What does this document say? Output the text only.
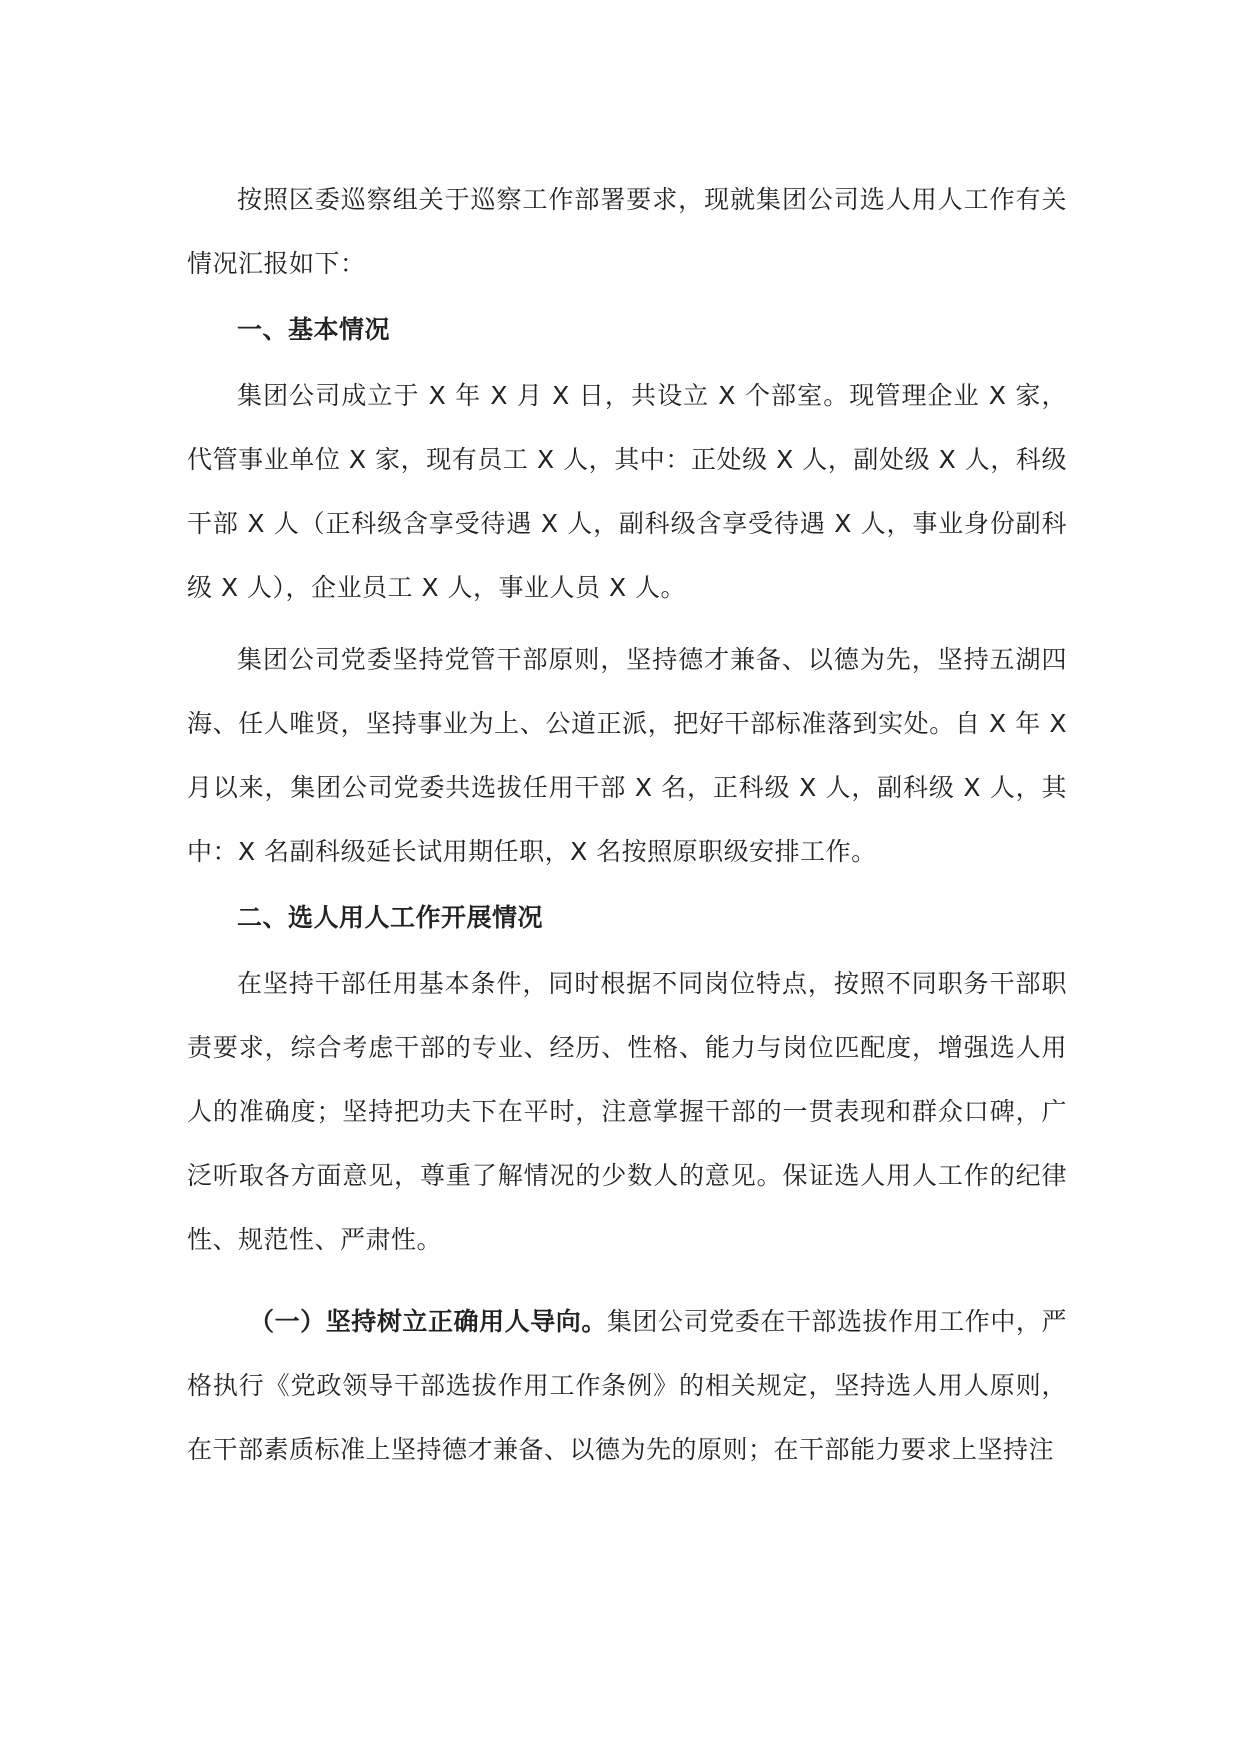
按照区委巡察组关于巡察工作部署要求，现就集团公司选人用人工作有关情况汇报如下：

一、基本情况

集团公司成立于 X 年 X 月 X 日，共设立 X 个部室。现管理企业 X 家，代管事业单位 X 家，现有员工 X 人，其中：正处级 X 人，副处级 X 人，科级干部 X 人（正科级含享受待遇 X 人，副科级含享受待遇 X 人，事业身份副科级 X 人），企业员工 X 人，事业人员 X 人。

集团公司党委坚持党管干部原则，坚持德才兼备、以德为先，坚持五湖四海、任人唯贤，坚持事业为上、公道正派，把好干部标准落到实处。自 X 年 X 月以来，集团公司党委共选拔任用干部 X 名，正科级 X 人，副科级 X 人，其中：X 名副科级延长试用期任职，X 名按照原职级安排工作。

二、选人用人工作开展情况

在坚持干部任用基本条件，同时根据不同岗位特点，按照不同职务干部职责要求，综合考虑干部的专业、经历、性格、能力与岗位匹配度，增强选人用人的准确度；坚持把功夫下在平时，注意掌握干部的一贯表现和群众口碑，广泛听取各方面意见，尊重了解情况的少数人的意见。保证选人用人工作的纪律性、规范性、严肃性。

（一）坚持树立正确用人导向。集团公司党委在干部选拔作用工作中，严格执行《党政领导干部选拔作用工作条例》的相关规定，坚持选人用人原则，在干部素质标准上坚持德才兼备、以德为先的原则；在干部能力要求上坚持注
